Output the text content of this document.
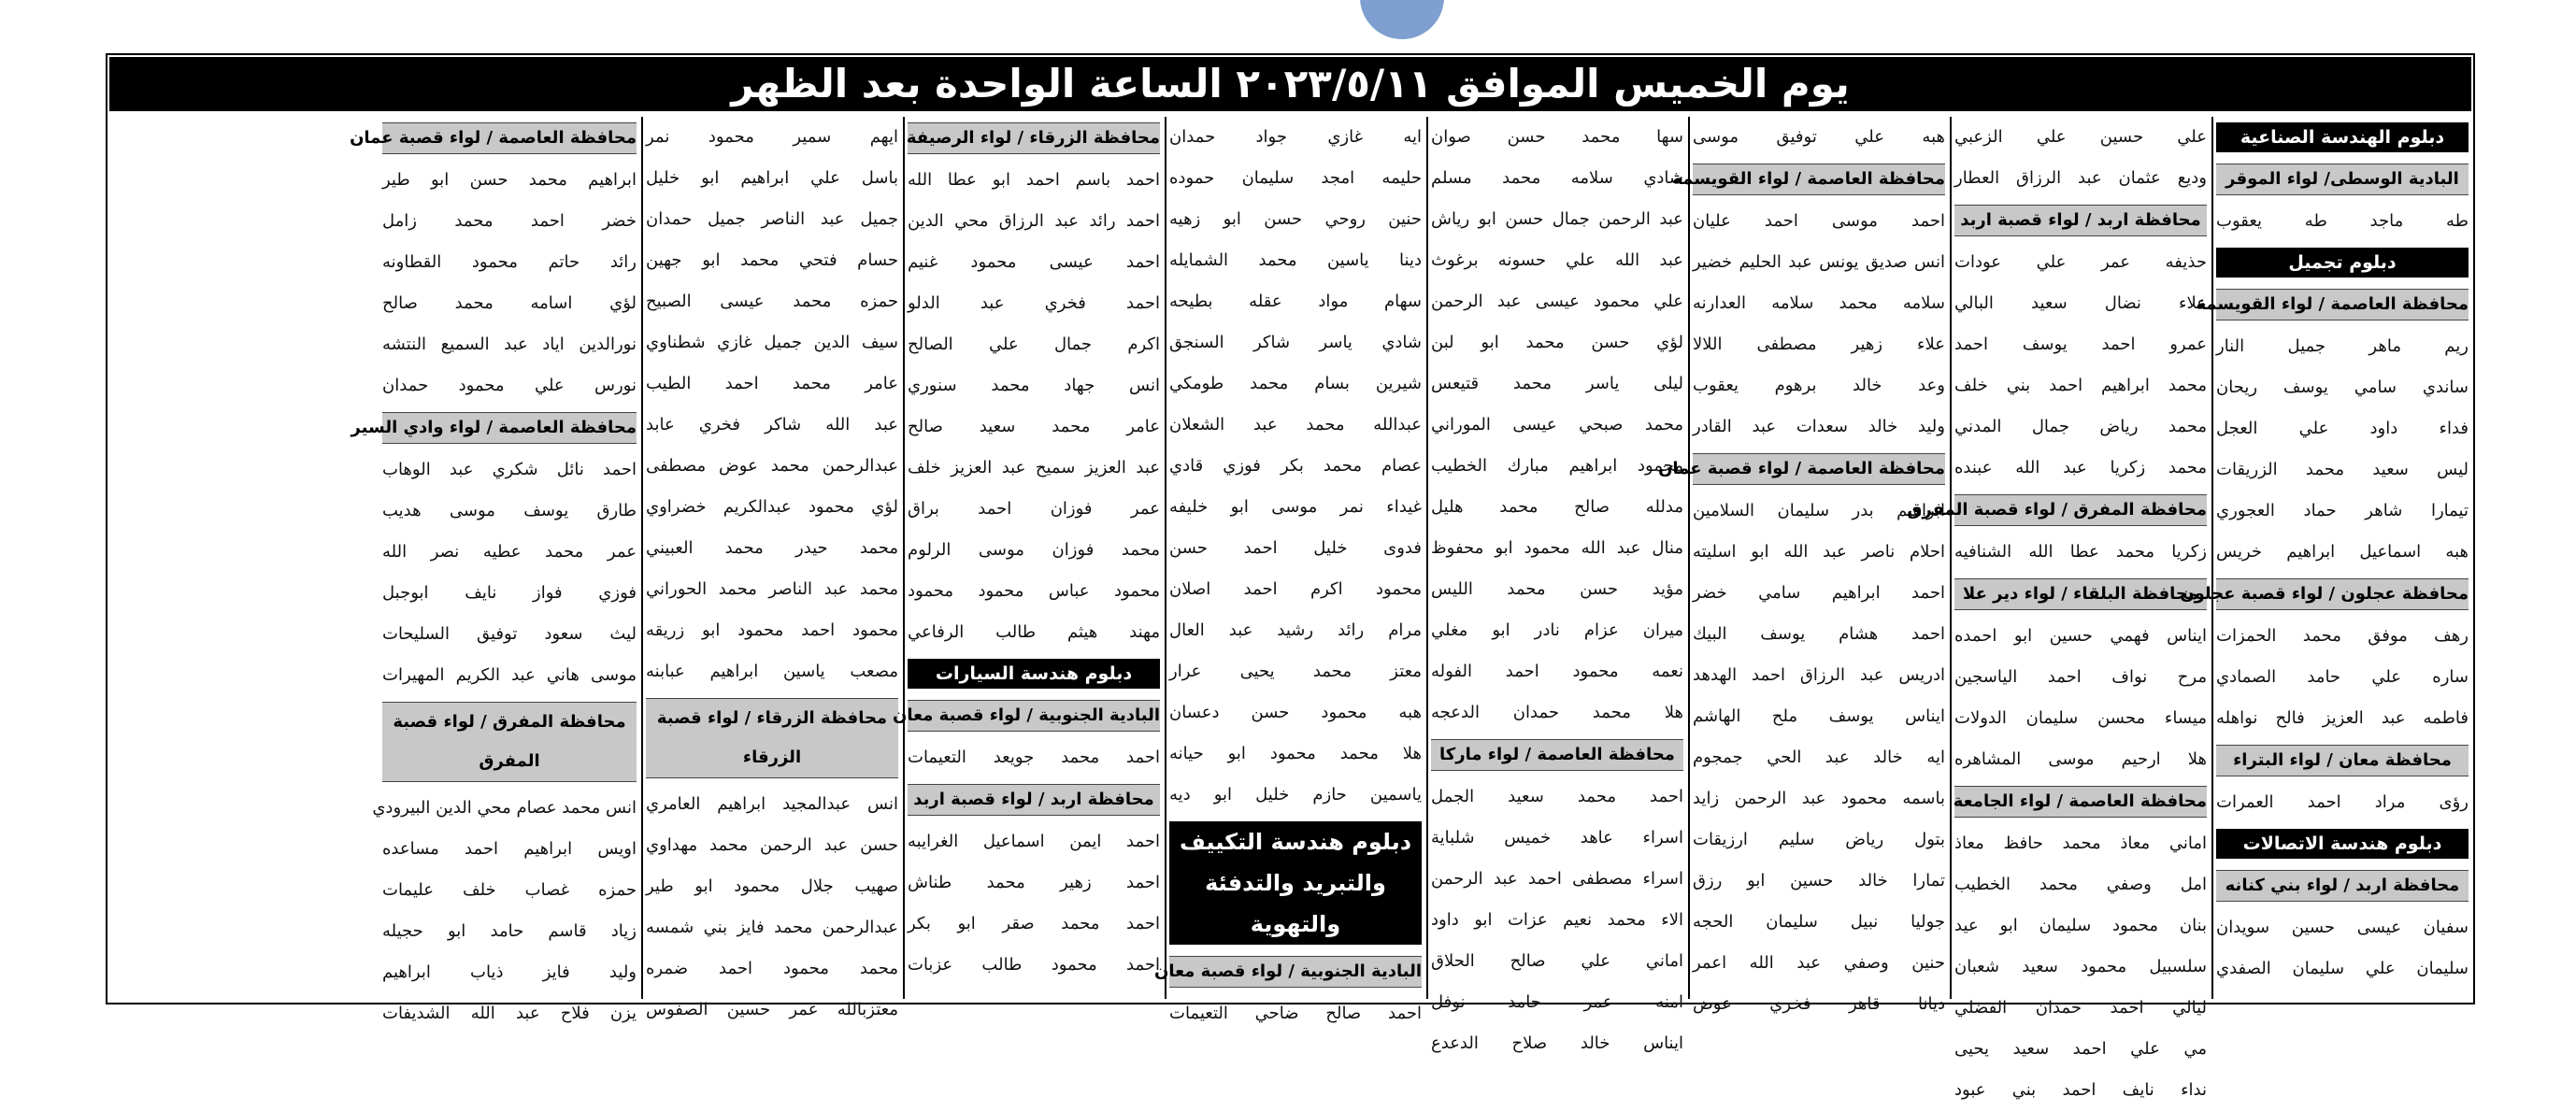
يوم الخميس الموافق ٢٠٢٣/٥/١١ الساعة الواحدة بعد الظهر
دبلوم الهندسة الصناعية
البادية الوسطى/ لواء الموقر
طه ماجد طه يعقوب
دبلوم تجميل
محافظة العاصمة / لواء القويسمة
ريم ماهر جميل النار
ساندي سامي يوسف ريحان
فداء داود علي العجل
ليس سعيد محمد الزريقات
تيمارا شاهر حماد العجوري
هبه اسماعيل ابراهيم خريس
محافظة عجلون / لواء قصبة عجلون
رهف موفق محمد الحمزات
ساره علي حامد الصمادي
فاطمه عبد العزيز فالح نواهله
محافظة معان / لواء البتراء
رؤى مراد احمد العمرات
دبلوم هندسة الاتصالات
محافظة اربد / لواء بني كنانه
سفيان عيسى حسين سويدان
سليمان علي سليمان الصفدي
علي حسين علي الزعبي
وديع عثمان عبد الرزاق العطار
محافظة اربد / لواء قصبة اربد
حذيفه عمر علي عودات
علاء نضال سعيد البالي
عمرو احمد يوسف احمد
محمد ابراهيم احمد بني خلف
محمد رياض جمال المدني
محمد زكريا عبد الله عبنده
محافظة المفرق / لواء قصبة المفرق
زكريا محمد عطا الله الشنافيه
محافظة البلقاء / لواء دير علا
ايناس فهمي حسين ابو احمده
مرح نواف احمد الياسجين
ميساء محسن سليمان الدولات
هلا ارحيم موسى المشاهره
محافظة العاصمة / لواء الجامعة
اماني معاذ محمد حافظ معاذ
امل وصفي محمد الخطيب
بنان محمود سليمان ابو عيد
سلسبيل محمود سعيد شعبان
ليالي احمد حمدان الفضلي
مي علي احمد سعيد يحيى
نداء نايف احمد بني عبود
هبه علي توفيق موسى
محافظة العاصمة / لواء القويسمة
احمد موسى احمد عليان
انس صديق يونس عبد الحليم خضير
سلامه محمد سلامه العدارنه
علاء زهير مصطفى اللالا
وعد خالد برهوم يعقوب
وليد خالد سعدات عبد القادر
محافظة العاصمة / لواء قصبة عمان
ابراهيم بدر سليمان السلامين
احلام ناصر عبد الله ابو اسليته
احمد ابراهيم سامي خضر
احمد هشام يوسف البيك
ادريس عبد الرزاق احمد الهدهد
ايناس يوسف ملح الهاشم
ايه خالد عبد الحي جمجوم
باسمه محمود عبد الرحمن زايد
بتول رياض سليم ارزيقات
تمارا خالد حسين ابو رزق
جوليا نبيل سليمان الحجه
حنين وصفي عبد الله اعمر
ديانا قاهر فخري عوض
سها محمد حسن صوان
شادي سلامه محمد مسلم
عبد الرحمن جمال حسن ابو رياش
عبد الله علي حسونه برغوث
علي محمود عيسى عبد الرحمن
لؤي حسن محمد ابو لبن
ليلى ياسر محمد قتيعس
محمد صبحي عيسى الموراني
محمود ابراهيم مبارك الخطيب
مدلله صالح محمد هليل
منال عبد الله محمود ابو محفوظ
مؤيد حسن محمد الليس
ميران عزام نادر ابو مغلي
نعمه محمود احمد الفوله
هلا محمد حمدان الدعجه
محافظة العاصمة / لواء ماركا
احمد محمد سعيد الجمل
اسراء عاهد خميس شلباية
اسراء مصطفى احمد عبد الرحمن
الاء محمد نعيم عزات ابو داود
اماني علي صالح الحلاق
امنه عمر حامد نوفل
ايناس خالد صلاح الدعدع
ايه غازي جواد حمدان
حليمه امجد سليمان حموده
حنين روحي حسن ابو زهيه
دينا ياسين محمد الشمايله
سهام مواد عقله بطيحه
شادي ياسر شاكر السنجق
شيرين بسام محمد طومكي
عبدالله محمد عبد الشعلان
عصام محمد بكر فوزي قادي
غيداء نمر موسى ابو خليفه
فدوى خليل احمد حسن
محمود اكرم احمد اصلان
مرام رائد رشيد عبد العال
معتز محمد يحيى عرار
هبه محمود حسن دعسان
هلا محمد محمود ابو حيانه
ياسمين حازم خليل ابو ديه
دبلوم هندسة التكييف والتبريد والتدفئة والتهوية
البادية الجنوبية / لواء قصبة معان
احمد صالح ضاحي التعيمات
محافظة الزرقاء / لواء الرصيفة
احمد باسم احمد ابو عطا الله
احمد رائد عبد الرزاق محي الدين
احمد عيسى محمود غنيم
احمد فخري عبد الدلو
اكرم جمال علي الصالح
انس جهاد محمد سنوري
عامر محمد سعيد صالح
عبد العزيز سميح عبد العزيز خلف
عمر فوزان احمد براق
محمد فوزان موسى الرلوم
محمود عباس محمود محمود
مهند هيثم طالب الرفاعي
دبلوم هندسة السيارات
البادية الجنوبية / لواء قصبة معان
احمد محمد جويعد التعيمات
محافظة اربد / لواء قصبة اربد
احمد ايمن اسماعيل الغرايبه
احمد زهير محمد طناش
احمد محمد صقر ابو بكر
احمد محمود طالب عزبات
ايهم سمير محمود نمر
باسل علي ابراهيم ابو خليل
جميل عبد الناصر جميل حمدان
حسام فتحي محمد ابو جهين
حمزه محمد عيسى الصبيح
سيف الدين جميل غازي شطناوي
عامر محمد احمد الطيب
عبد الله شاكر فخري عابد
عبدالرحمن محمد عوض مصطفى
لؤي محمود عبدالكريم خضراوي
محمد حيدر محمد العبيني
محمد عبد الناصر محمد الحوراني
محمود احمد محمود ابو زريقه
مصعب ياسين ابراهيم عبابنه
محافظة الزرقاء / لواء قصبة الزرقاء
انس عبدالمجيد ابراهيم العامري
حسن عبد الرحمن محمد مهداوي
صهيب جلال محمود ابو طير
عبدالرحمن محمد فايز بني شمسه
محمد محمود احمد ضمره
معتزبالله عمر حسين الصفوس
محافظة العاصمة / لواء قصبة عمان
ابراهيم محمد حسن ابو طير
خضر احمد محمد زامل
رائد حاتم محمود القطاونه
لؤي اسامه محمد صالح
نورالدين اياد عبد السميع النتشه
نورس علي محمود حمدان
محافظة العاصمة / لواء وادي السير
احمد نائل شكري عبد الوهاب
طارق يوسف موسى هديب
عمر محمد عطيه نصر الله
فوزي فواز نايف ابوجبل
ليث سعود توفيق السليحات
موسى هاني عبد الكريم المهيرات
محافظة المفرق / لواء قصبة المفرق
انس محمد عصام محي الدين البيرودي
اويس ابراهيم احمد مساعده
حمزه غصاب خلف عليمات
زياد قاسم حامد ابو حجيله
وليد فايز ذياب ابراهيم
يزن فلاح عبد الله الشديفات
